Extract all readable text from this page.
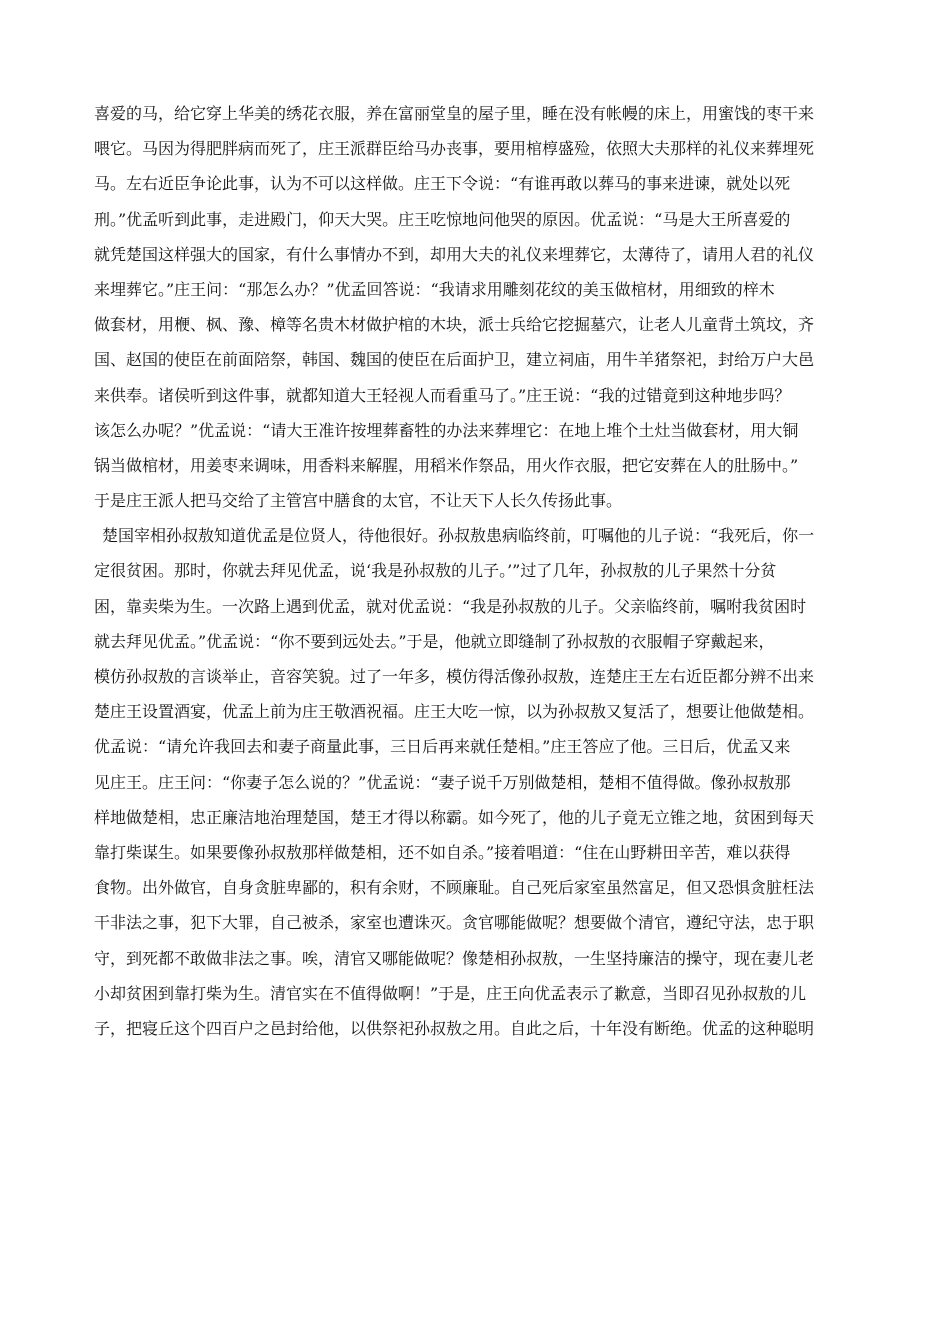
喜爱的马，给它穿上华美的绣花衣服，养在富丽堂皇的屋子里，睡在没有帐幔的床上，用蜜饯的枣干来
喂它。马因为得肥胖病而死了，庄王派群臣给马办丧事，要用棺椁盛殓，依照大夫那样的礼仪来葬埋死
马。左右近臣争论此事，认为不可以这样做。庄王下令说：“有谁再敢以葬马的事来进谏，就处以死
刑。”优孟听到此事，走进殿门，仰天大哭。庄王吃惊地问他哭的原因。优孟说：“马是大王所喜爱的
就凭楚国这样强大的国家，有什么事情办不到，却用大夫的礼仪来埋葬它，太薄待了，请用人君的礼仪
来埋葬它。”庄王问：“那怎么办？”优孟回答说：“我请求用雕刻花纹的美玉做棺材，用细致的梓木
做套材，用楩、枫、豫、樟等名贵木材做护棺的木块，派士兵给它挖掘墓穴，让老人儿童背土筑坟，齐
国、赵国的使臣在前面陪祭，韩国、魏国的使臣在后面护卫，建立祠庙，用牛羊猪祭祀，封给万户大邑
来供奉。诸侯听到这件事，就都知道大王轻视人而看重马了。”庄王说：“我的过错竟到这种地步吗？
该怎么办呢？”优孟说：“请大王准许按埋葬畜牲的办法来葬埋它：在地上堆个土灶当做套材，用大铜
锅当做棺材，用姜枣来调味，用香料来解腥，用稻米作祭品，用火作衣服，把它安葬在人的肚肠中。”
于是庄王派人把马交给了主管宫中膳食的太官，不让天下人长久传扬此事。
楚国宰相孙叔敖知道优孟是位贤人，待他很好。孙叔敖患病临终前，叮嘱他的儿子说：“我死后，你一
定很贫困。那时，你就去拜见优孟，说‘我是孙叔敖的儿子。’”过了几年，孙叔敖的儿子果然十分贫
困，靠卖柴为生。一次路上遇到优孟，就对优孟说：“我是孙叔敖的儿子。父亲临终前，嘱咐我贫困时
就去拜见优孟。”优孟说：“你不要到远处去。”于是，他就立即缝制了孙叔敖的衣服帽子穿戴起来，
模仿孙叔敖的言谈举止，音容笑貌。过了一年多，模仿得活像孙叔敖，连楚庄王左右近臣都分辨不出来
楚庄王设置酒宴，优孟上前为庄王敬酒祝福。庄王大吃一惊，以为孙叔敖又复活了，想要让他做楚相。
优孟说：“请允许我回去和妻子商量此事，三日后再来就任楚相。”庄王答应了他。三日后，优孟又来
见庄王。庄王问：“你妻子怎么说的？”优孟说：“妻子说千万别做楚相，楚相不值得做。像孙叔敖那
样地做楚相，忠正廉洁地治理楚国，楚王才得以称霸。如今死了，他的儿子竟无立锥之地，贫困到每天
靠打柴谋生。如果要像孙叔敖那样做楚相，还不如自杀。”接着唱道：“住在山野耕田辛苦，难以获得
食物。出外做官，自身贪脏卑鄙的，积有余财，不顾廉耻。自己死后家室虽然富足，但又恐惧贪脏枉法
干非法之事，犯下大罪，自己被杀，家室也遭诛灭。贪官哪能做呢？想要做个清官，遵纪守法，忠于职
守，到死都不敢做非法之事。唉，清官又哪能做呢？像楚相孙叔敖，一生坚持廉洁的操守，现在妻儿老
小却贫困到靠打柴为生。清官实在不值得做啊！”于是，庄王向优孟表示了歉意，当即召见孙叔敖的儿
子，把寝丘这个四百户之邑封给他，以供祭祀孙叔敖之用。自此之后，十年没有断绝。优孟的这种聪明
